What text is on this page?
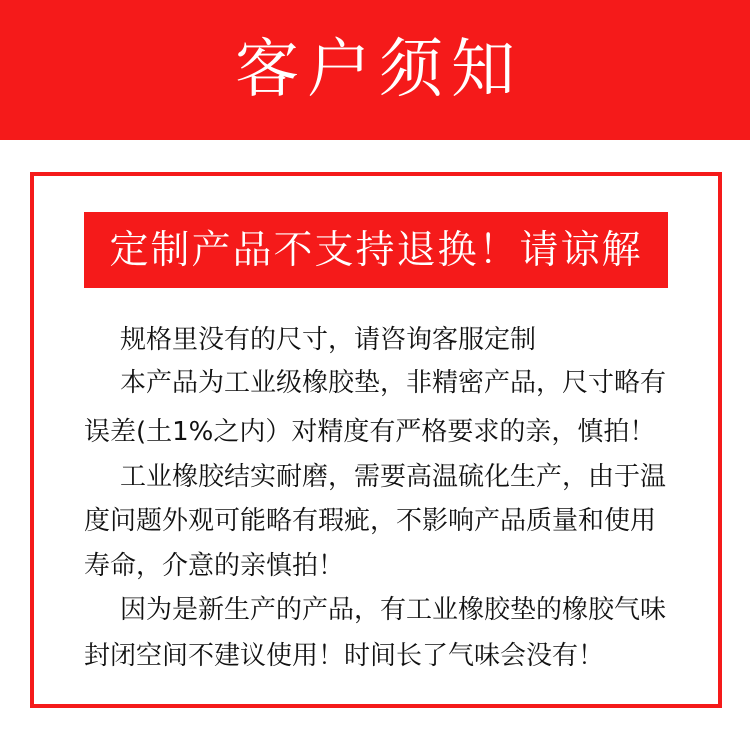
客户须知
定制产品不支持退换！请谅解
规格里没有的尺寸，请咨询客服定制
本产品为工业级橡胶垫，非精密产品，尺寸略有
误差(土1%之内）对精度有严格要求的亲，慎拍！
工业橡胶结实耐磨，需要高温硫化生产，由于温
度问题外观可能略有瑕疵，不影响产品质量和使用
寿命，介意的亲慎拍！
因为是新生产的产品，有工业橡胶垫的橡胶气味
封闭空间不建议使用！时间长了气味会没有！
